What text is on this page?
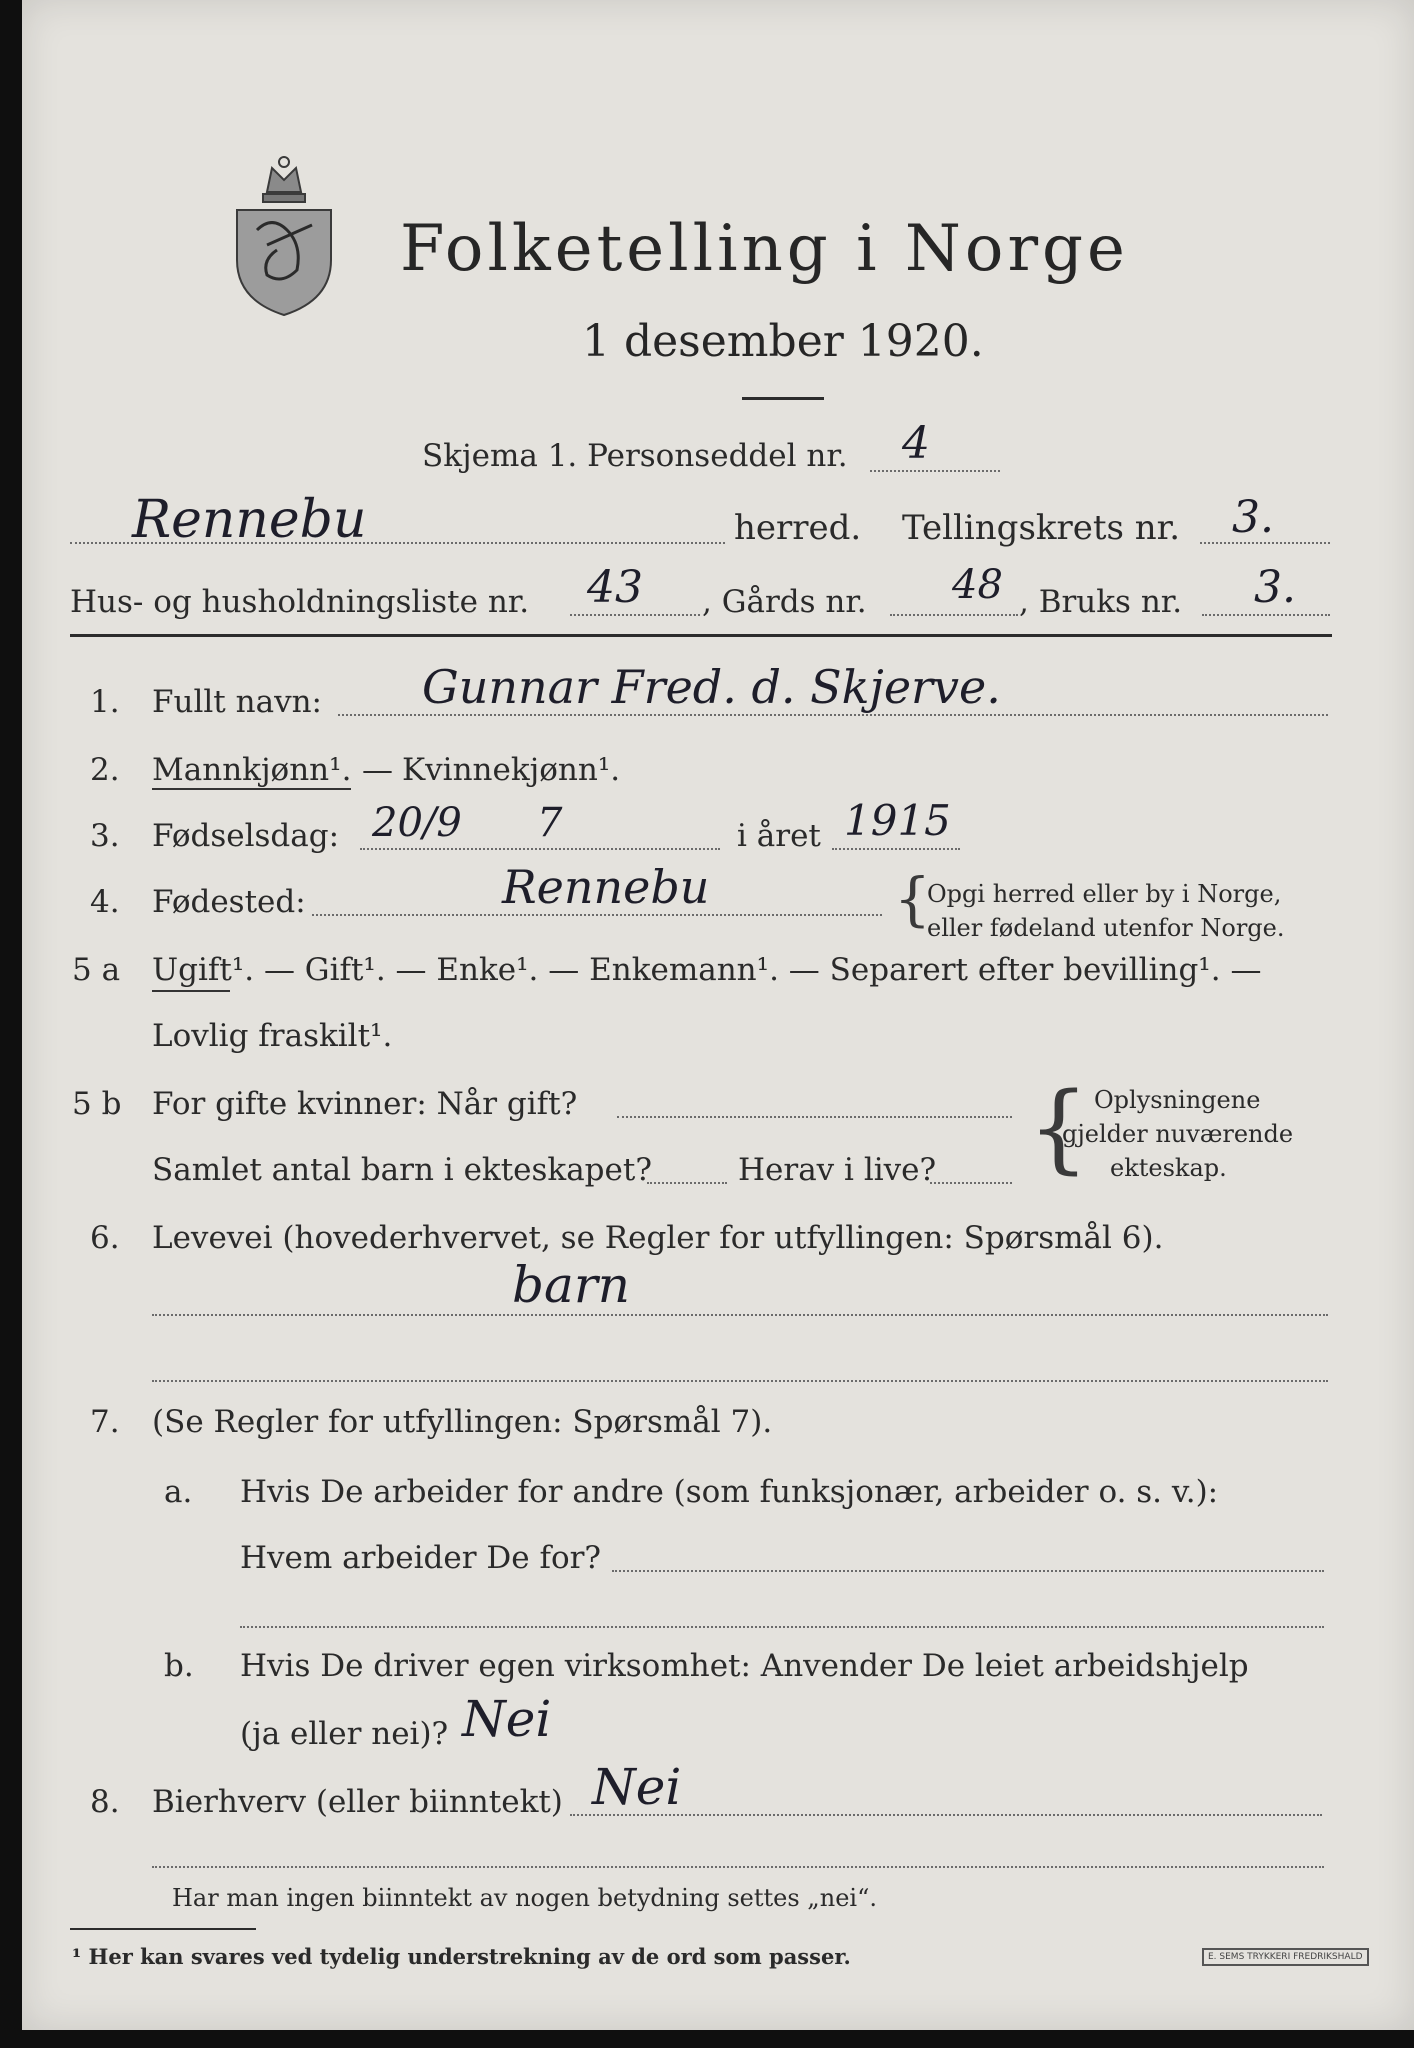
Folketelling i Norge
1 desember 1920.
Skjema 1. Personseddel nr. 4
Rennebu	herred. Tellingskrets nr. 3.
Hus- og husholdningsliste nr. 43 , Gårds nr. 48 , Bruks nr. 3.
1. Fullt navn: Gunnar Fred. d. Skjerve.
2. Mannkjønn¹. — Kvinnekjønn¹.
3. Fødselsdag: 20/9 7	i året 1915
4. Fødested:	Rennebu	{
Opgi herred eller by i Norge,
eller fødeland utenfor Norge.
5 a Ugift¹. — Gift¹. — Enke¹. — Enkemann¹. — Separert efter bevilling¹. —
Lovlig fraskilt¹.
5 b For gifte kvinner: Når gift?
Samlet antal barn i ekteskapet?	Herav i live? { Oplysningene
gjelder nuværende
ekteskap.
6. Levevei (hovederhvervet, se Regler for utfyllingen: Spørsmål 6).
barn
7. (Se Regler for utfyllingen: Spørsmål 7).
a. Hvis De arbeider for andre (som funksjonær, arbeider o. s. v.):
Hvem arbeider De for?
b. Hvis De driver egen virksomhet: Anvender De leiet arbeidshjelp
(ja eller nei)? Nei
8. Bierhverv (eller biinntekt) Nei
Har man ingen biinntekt av nogen betydning settes „nei“.
¹ Her kan svares ved tydelig understrekning av de ord som passer.	E. SEMS TRYKKERI FREDRIKSHALD
